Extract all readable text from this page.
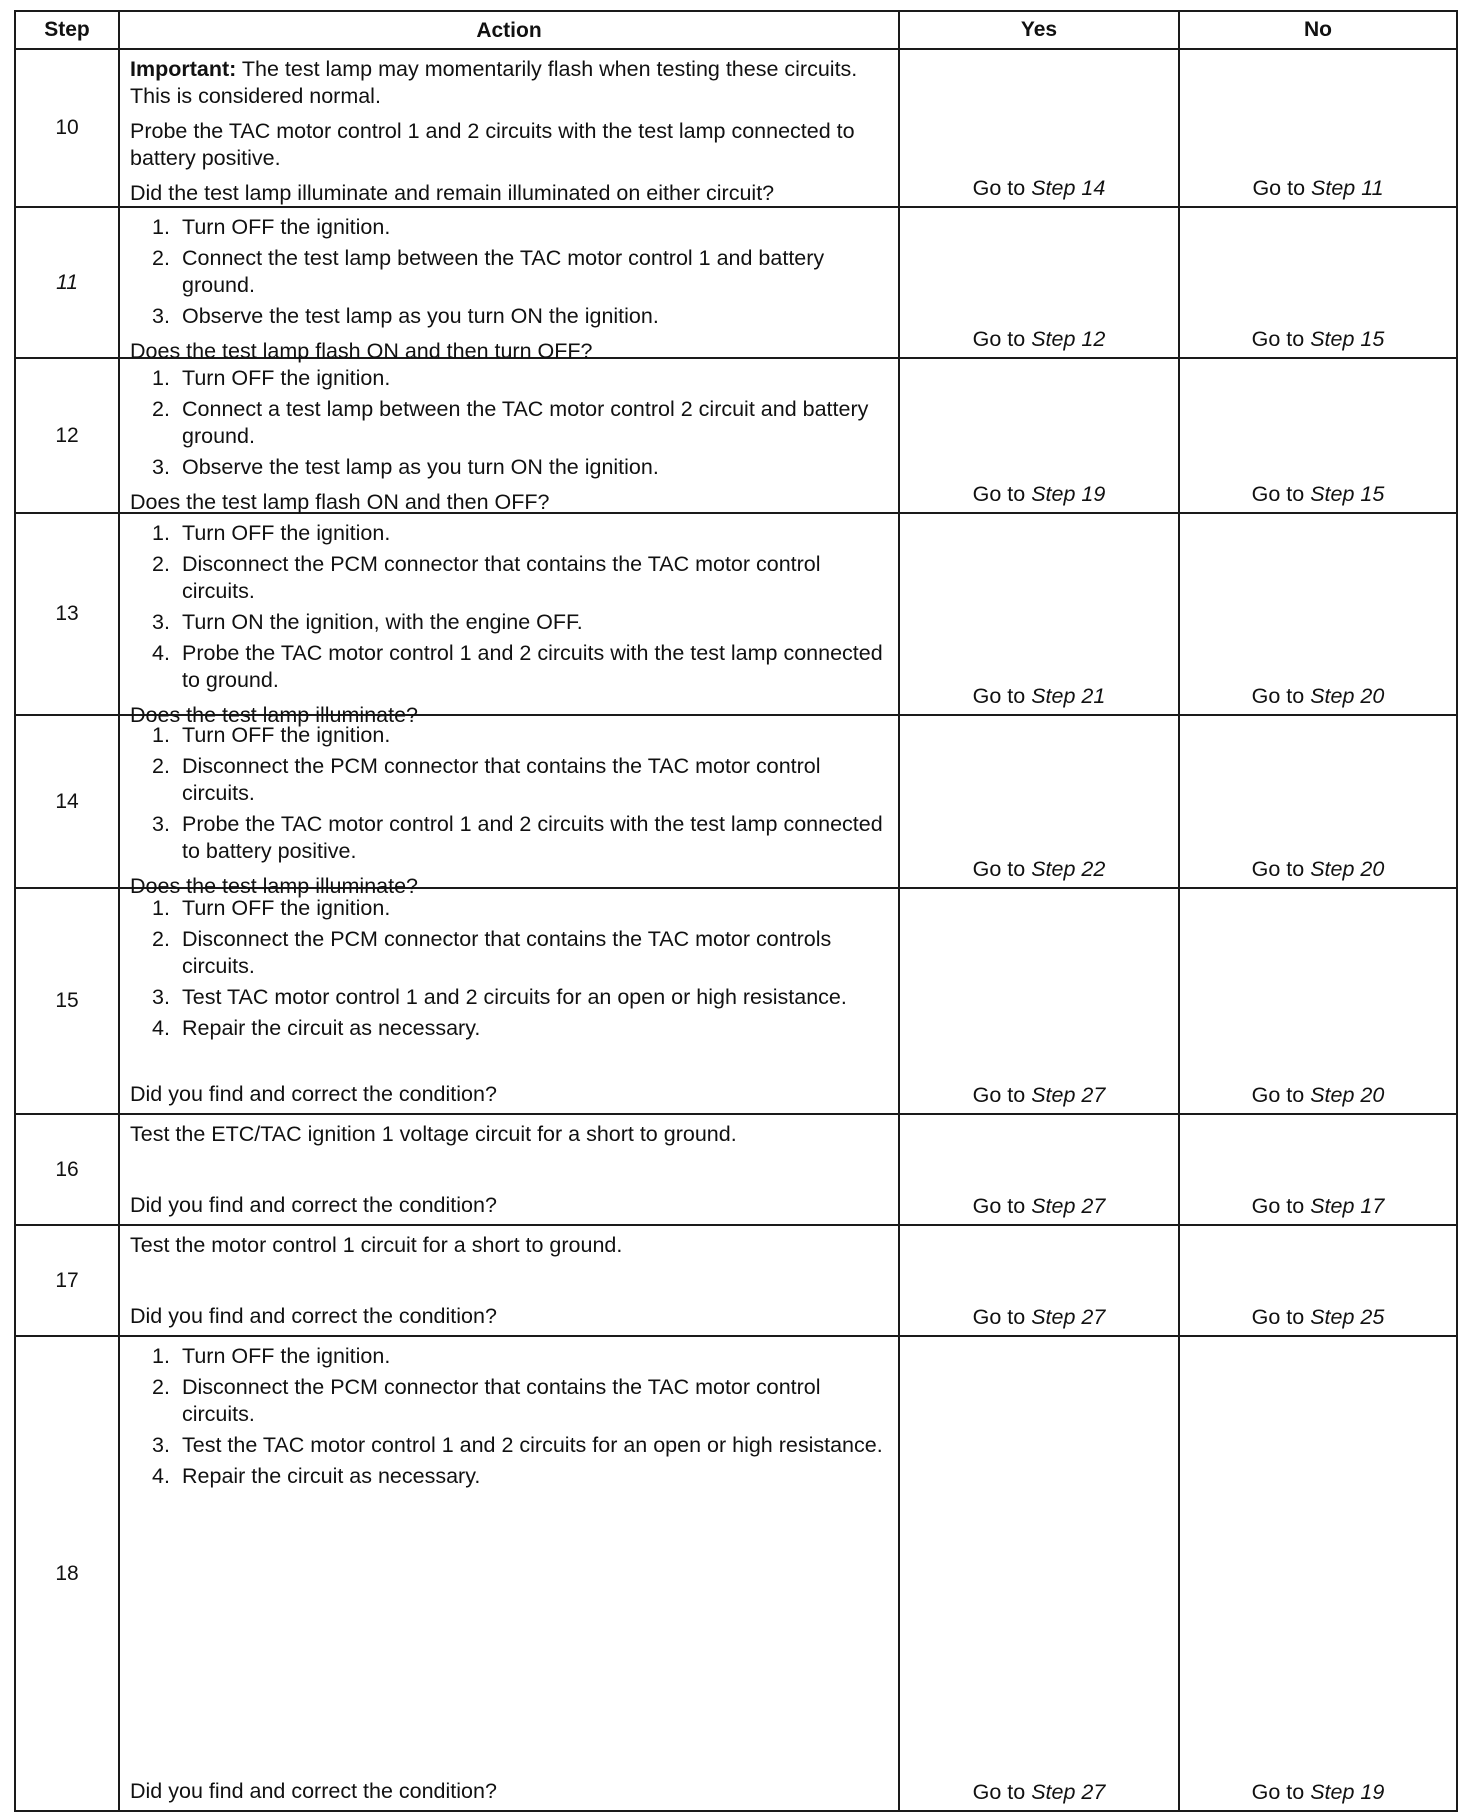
Step	Action	Yes	No
10
Important: The test lamp may momentarily flash when testing these circuits. This is considered normal.
Probe the TAC motor control 1 and 2 circuits with the test lamp connected to battery positive.
Did the test lamp illuminate and remain illuminated on either circuit?	Go to Step 14	Go to Step 11
11
1. Turn OFF the ignition.
2. Connect the test lamp between the TAC motor control 1 and battery ground.
3. Observe the test lamp as you turn ON the ignition.
Does the test lamp flash ON and then turn OFF?	Go to Step 12	Go to Step 15
12
1. Turn OFF the ignition.
2. Connect a test lamp between the TAC motor control 2 circuit and battery ground.
3. Observe the test lamp as you turn ON the ignition.
Does the test lamp flash ON and then OFF?	Go to Step 19	Go to Step 15
13
1. Turn OFF the ignition.
2. Disconnect the PCM connector that contains the TAC motor control circuits.
3. Turn ON the ignition, with the engine OFF.
4. Probe the TAC motor control 1 and 2 circuits with the test lamp connected to ground.
Does the test lamp illuminate?
Go to Step 21	Go to Step 20
14
1. Turn OFF the ignition.
2. Disconnect the PCM connector that contains the TAC motor control circuits.
3. Probe the TAC motor control 1 and 2 circuits with the test lamp connected to battery positive.
Does the test lamp illuminate?
Go to Step 22	Go to Step 20
15
1. Turn OFF the ignition.
2. Disconnect the PCM connector that contains the TAC motor controls circuits.
3. Test TAC motor control 1 and 2 circuits for an open or high resistance.
4. Repair the circuit as necessary.
Did you find and correct the condition?	Go to Step 27	Go to Step 20
16
Test the ETC/TAC ignition 1 voltage circuit for a short to ground.
Did you find and correct the condition?	Go to Step 27	Go to Step 17
17
Test the motor control 1 circuit for a short to ground.
Did you find and correct the condition?	Go to Step 27	Go to Step 25
18
1. Turn OFF the ignition.
2. Disconnect the PCM connector that contains the TAC motor control circuits.
3. Test the TAC motor control 1 and 2 circuits for an open or high resistance.
4. Repair the circuit as necessary.
Did you find and correct the condition?	Go to Step 27	Go to Step 19
